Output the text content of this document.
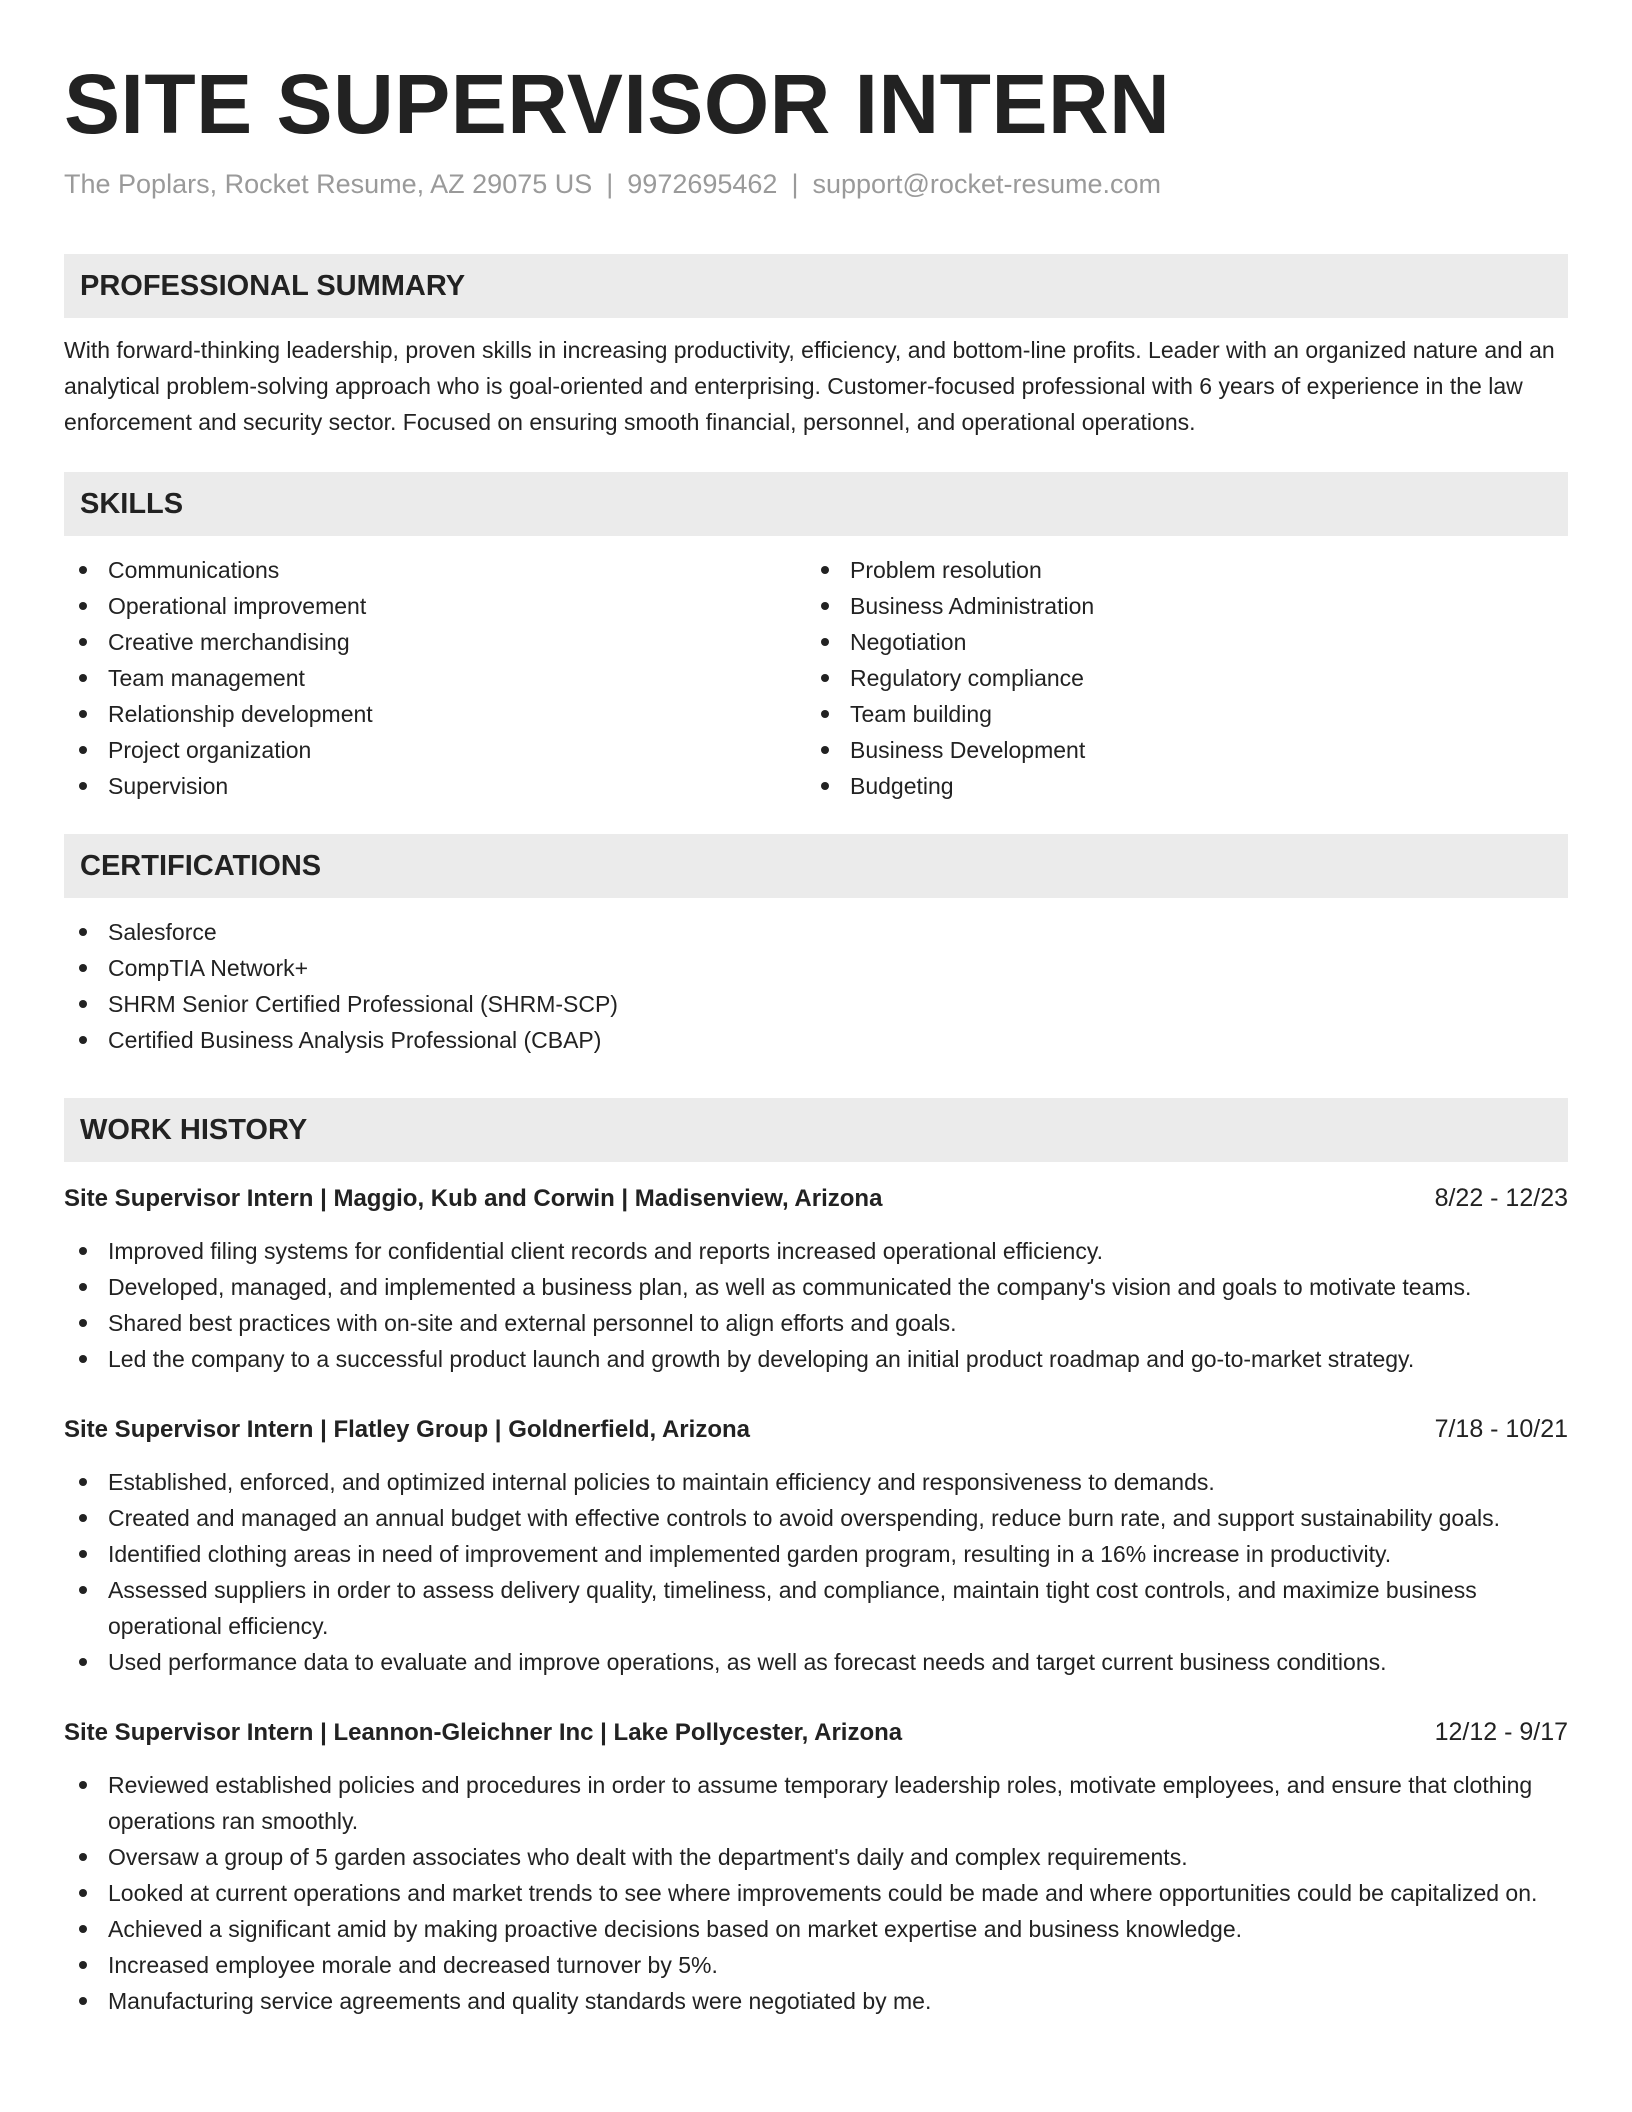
SITE SUPERVISOR INTERN
The Poplars, Rocket Resume, AZ 29075 US | 9972695462 | support@rocket-resume.com
PROFESSIONAL SUMMARY
With forward-thinking leadership, proven skills in increasing productivity, efficiency, and bottom-line profits. Leader with an organized nature and an analytical problem-solving approach who is goal-oriented and enterprising. Customer-focused professional with 6 years of experience in the law enforcement and security sector. Focused on ensuring smooth financial, personnel, and operational operations.
SKILLS
Communications
Operational improvement
Creative merchandising
Team management
Relationship development
Project organization
Supervision
Problem resolution
Business Administration
Negotiation
Regulatory compliance
Team building
Business Development
Budgeting
CERTIFICATIONS
Salesforce
CompTIA Network+
SHRM Senior Certified Professional (SHRM-SCP)
Certified Business Analysis Professional (CBAP)
WORK HISTORY
Site Supervisor Intern | Maggio, Kub and Corwin | Madisenview, Arizona	8/22 - 12/23
Improved filing systems for confidential client records and reports increased operational efficiency.
Developed, managed, and implemented a business plan, as well as communicated the company's vision and goals to motivate teams.
Shared best practices with on-site and external personnel to align efforts and goals.
Led the company to a successful product launch and growth by developing an initial product roadmap and go-to-market strategy.
Site Supervisor Intern | Flatley Group | Goldnerfield, Arizona	7/18 - 10/21
Established, enforced, and optimized internal policies to maintain efficiency and responsiveness to demands.
Created and managed an annual budget with effective controls to avoid overspending, reduce burn rate, and support sustainability goals.
Identified clothing areas in need of improvement and implemented garden program, resulting in a 16% increase in productivity.
Assessed suppliers in order to assess delivery quality, timeliness, and compliance, maintain tight cost controls, and maximize business operational efficiency.
Used performance data to evaluate and improve operations, as well as forecast needs and target current business conditions.
Site Supervisor Intern | Leannon-Gleichner Inc | Lake Pollycester, Arizona	12/12 - 9/17
Reviewed established policies and procedures in order to assume temporary leadership roles, motivate employees, and ensure that clothing operations ran smoothly.
Oversaw a group of 5 garden associates who dealt with the department's daily and complex requirements.
Looked at current operations and market trends to see where improvements could be made and where opportunities could be capitalized on.
Achieved a significant amid by making proactive decisions based on market expertise and business knowledge.
Increased employee morale and decreased turnover by 5%.
Manufacturing service agreements and quality standards were negotiated by me.
